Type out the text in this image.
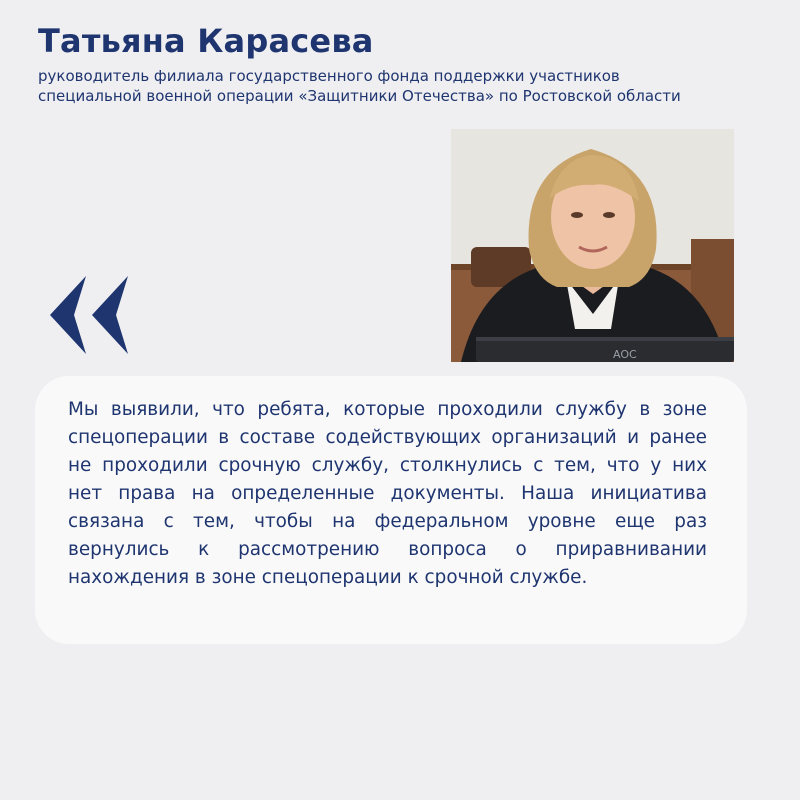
Татьяна Карасева
руководитель филиала государственного фонда поддержки участников
специальной военной операции «Защитники Отечества» по Ростовской области
AOC
Мы выявили, что ребята, которые проходили службу в зоне
спецоперации в составе содействующих организаций и ранее
не проходили срочную службу, столкнулись с тем, что у них
нет права на определенные документы. Наша инициатива
связана с тем, чтобы на федеральном уровне еще раз
вернулись к рассмотрению вопроса о приравнивании
нахождения в зоне спецоперации к срочной службе.
